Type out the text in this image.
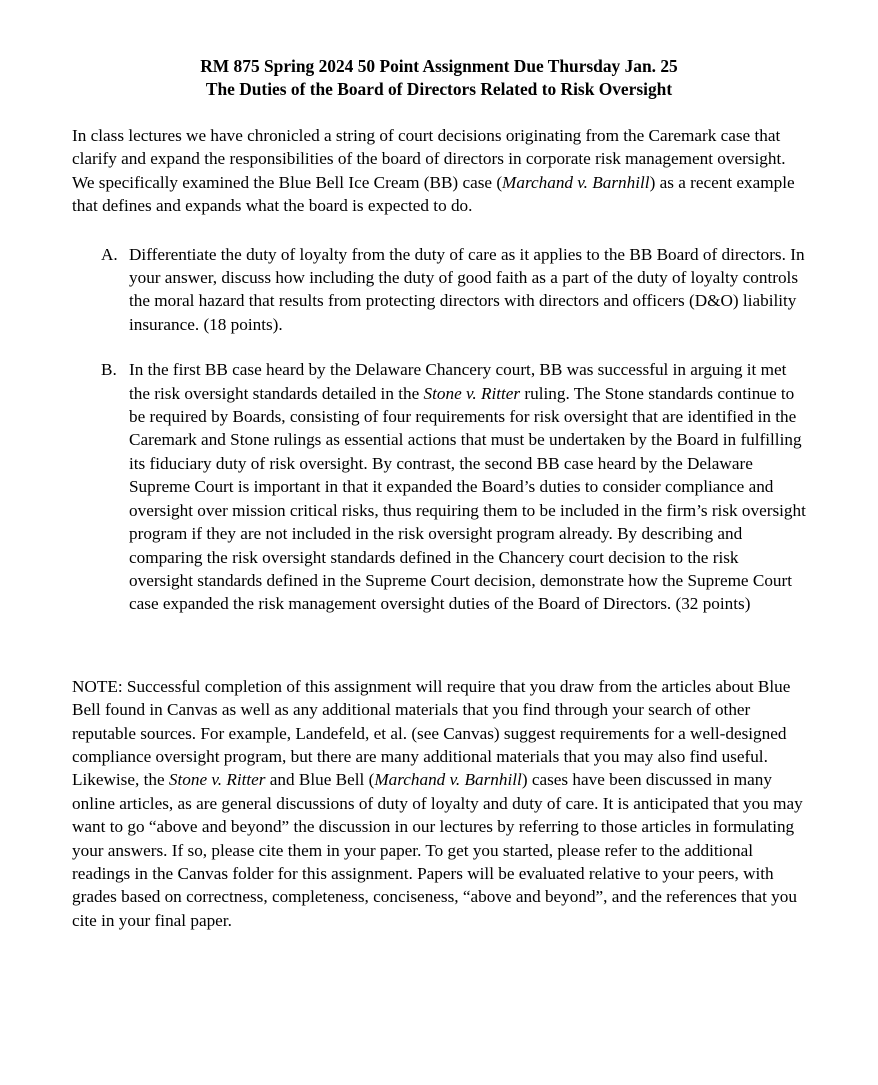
RM 875 Spring 2024 50 Point Assignment Due Thursday Jan. 25
The Duties of the Board of Directors Related to Risk Oversight

In class lectures we have chronicled a string of court decisions originating from the Caremark case that clarify and expand the responsibilities of the board of directors in corporate risk management oversight. We specifically examined the Blue Bell Ice Cream (BB) case (Marchand v. Barnhill) as a recent example that defines and expands what the board is expected to do.

A. Differentiate the duty of loyalty from the duty of care as it applies to the BB Board of directors. In your answer, discuss how including the duty of good faith as a part of the duty of loyalty controls the moral hazard that results from protecting directors with directors and officers (D&O) liability insurance. (18 points).
B. In the first BB case heard by the Delaware Chancery court, BB was successful in arguing it met the risk oversight standards detailed in the Stone v. Ritter ruling. The Stone standards continue to be required by Boards, consisting of four requirements for risk oversight that are identified in the Caremark and Stone rulings as essential actions that must be undertaken by the Board in fulfilling its fiduciary duty of risk oversight. By contrast, the second BB case heard by the Delaware Supreme Court is important in that it expanded the Board’s duties to consider compliance and oversight over mission critical risks, thus requiring them to be included in the firm’s risk oversight program if they are not included in the risk oversight program already. By describing and comparing the risk oversight standards defined in the Chancery court decision to the risk oversight standards defined in the Supreme Court decision, demonstrate how the Supreme Court case expanded the risk management oversight duties of the Board of Directors. (32 points)

NOTE: Successful completion of this assignment will require that you draw from the articles about Blue Bell found in Canvas as well as any additional materials that you find through your search of other reputable sources. For example, Landefeld, et al. (see Canvas) suggest requirements for a well-designed compliance oversight program, but there are many additional materials that you may also find useful. Likewise, the Stone v. Ritter and Blue Bell (Marchand v. Barnhill) cases have been discussed in many online articles, as are general discussions of duty of loyalty and duty of care. It is anticipated that you may want to go “above and beyond” the discussion in our lectures by referring to those articles in formulating your answers. If so, please cite them in your paper. To get you started, please refer to the additional readings in the Canvas folder for this assignment. Papers will be evaluated relative to your peers, with grades based on correctness, completeness, conciseness, “above and beyond”, and the references that you cite in your final paper.
